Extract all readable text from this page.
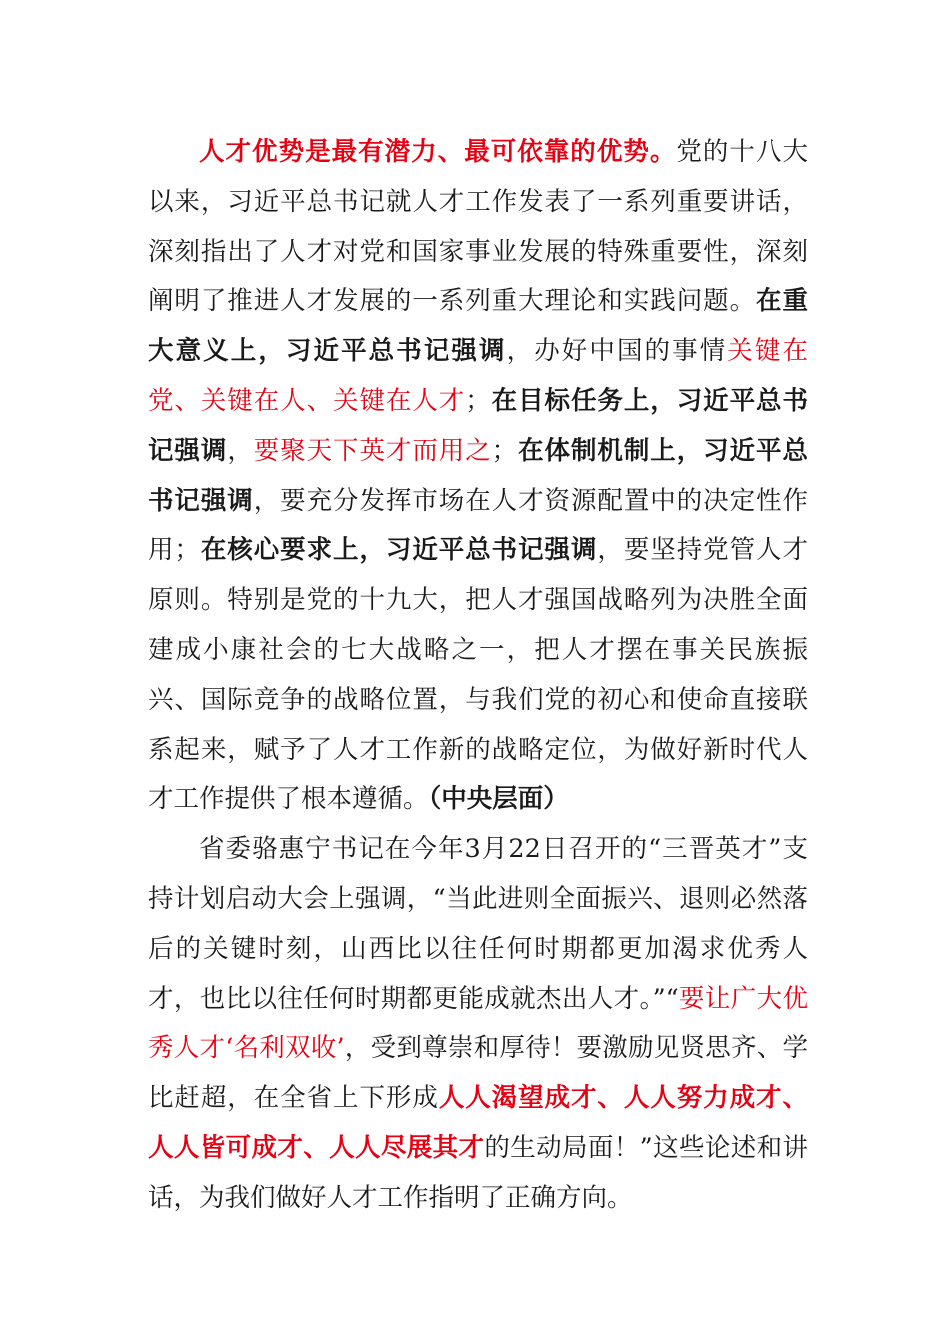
人才优势是最有潜力、最可依靠的优势。党的十八大以来，习近平总书记就人才工作发表了一系列重要讲话，深刻指出了人才对党和国家事业发展的特殊重要性，深刻阐明了推进人才发展的一系列重大理论和实践问题。在重大意义上，习近平总书记强调，办好中国的事情关键在党、关键在人、关键在人才；在目标任务上，习近平总书记强调，要聚天下英才而用之；在体制机制上，习近平总书记强调，要充分发挥市场在人才资源配置中的决定性作用；在核心要求上，习近平总书记强调，要坚持党管人才原则。特别是党的十九大，把人才强国战略列为决胜全面建成小康社会的七大战略之一，把人才摆在事关民族振兴、国际竞争的战略位置，与我们党的初心和使命直接联系起来，赋予了人才工作新的战略定位，为做好新时代人才工作提供了根本遵循。（中央层面）

省委骆惠宁书记在今年3月22日召开的“三晋英才”支持计划启动大会上强调，“当此进则全面振兴、退则必然落后的关键时刻，山西比以往任何时期都更加渴求优秀人才，也比以往任何时期都更能成就杰出人才。”“要让广大优秀人才‘名利双收’，受到尊崇和厚待！要激励见贤思齐、学比赶超，在全省上下形成人人渴望成才、人人努力成才、人人皆可成才、人人尽展其才的生动局面！”这些论述和讲话，为我们做好人才工作指明了正确方向。
